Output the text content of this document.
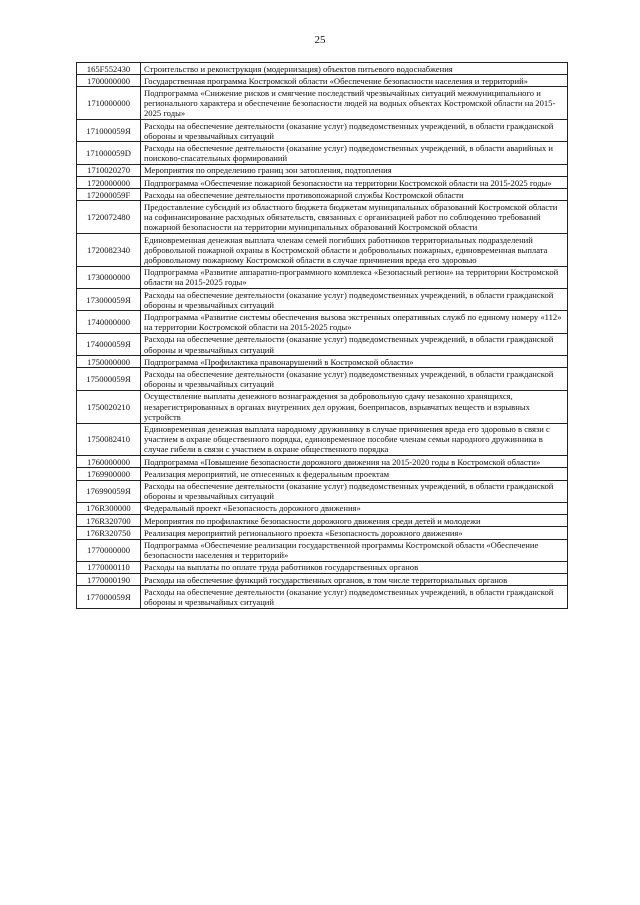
25
165F552430	Строительство и реконструкция (модернизация) объектов питьевого водоснабжения
1700000000	Государственная программа Костромской области «Обеспечение безопасности населения и территорий»
1710000000	Подпрограмма «Снижение рисков и смягчение последствий чрезвычайных ситуаций межмуниципального и регионального характера и обеспечение безопасности людей на водных объектах Костромской области на 2015-2025 годы»
171000059Я	Расходы на обеспечение деятельности (оказание услуг) подведомственных учреждений, в области гражданской обороны и чрезвычайных ситуаций
171000059D	Расходы на обеспечение деятельности (оказание услуг) подведомственных учреждений, в области аварийных и поисково-спасательных формирований
1710020270	Мероприятия по определению границ зон затопления, подтопления
1720000000	Подпрограмма «Обеспечение пожарной безопасности на территории Костромской области на 2015-2025 годы»
172000059F	Расходы на обеспечение деятельности противопожарной службы Костромской области
1720072480	Предоставление субсидий из областного бюджета бюджетам муниципальных образований Костромской области на софинансирование расходных обязательств, связанных с организацией работ по соблюдению требований пожарной безопасности на территории муниципальных образований Костромской области
1720082340	Единовременная денежная выплата членам семей погибших работников территориальных подразделений добровольной пожарной охраны в Костромской области и добровольных пожарных, единовременная выплата добровольному пожарному Костромской области в случае причинения вреда его здоровью
1730000000	Подпрограмма «Развитие аппаратно-программного комплекса «Безопасный регион» на территории Костромской области на 2015-2025 годы»
173000059Я	Расходы на обеспечение деятельности (оказание услуг) подведомственных учреждений, в области гражданской обороны и чрезвычайных ситуаций
1740000000	Подпрограмма «Развитие системы обеспечения вызова экстренных оперативных служб по единому номеру «112» на территории Костромской области на 2015-2025 годы»
174000059Я	Расходы на обеспечение деятельности (оказание услуг) подведомственных учреждений, в области гражданской обороны и чрезвычайных ситуаций
1750000000	Подпрограмма «Профилактика правонарушений в Костромской области»
175000059Я	Расходы на обеспечение деятельности (оказание услуг) подведомственных учреждений, в области гражданской обороны и чрезвычайных ситуаций
1750020210	Осуществление выплаты денежного вознаграждения за добровольную сдачу незаконно хранящихся, незарегистрированных в органах внутренних дел оружия, боеприпасов, взрывчатых веществ и взрывных устройств
1750082410	Единовременная денежная выплата народному дружиннику в случае причинения вреда его здоровью в связи с участием в охране общественного порядка, единовременное пособие членам семьи народного дружинника в случае гибели в связи с участием в охране общественного порядка
1760000000	Подпрограмма «Повышение безопасности дорожного движения на 2015-2020 годы в Костромской области»
1769900000	Реализация мероприятий, не отнесенных к федеральным проектам
176990059Я	Расходы на обеспечение деятельности (оказание услуг) подведомственных учреждений, в области гражданской обороны и чрезвычайных ситуаций
176R300000	Федеральный проект «Безопасность дорожного движения»
176R320700	Мероприятия по профилактике безопасности дорожного движения среди детей и молодежи
176R320750	Реализация мероприятий регионального проекта «Безопасность дорожного движения»
1770000000	Подпрограмма «Обеспечение реализации государственной программы Костромской области «Обеспечение безопасности населения и территорий»
1770000110	Расходы на выплаты по оплате труда работников государственных органов
1770000190	Расходы на обеспечение функций государственных органов, в том числе территориальных органов
177000059Я	Расходы на обеспечение деятельности (оказание услуг) подведомственных учреждений, в области гражданской обороны и чрезвычайных ситуаций
